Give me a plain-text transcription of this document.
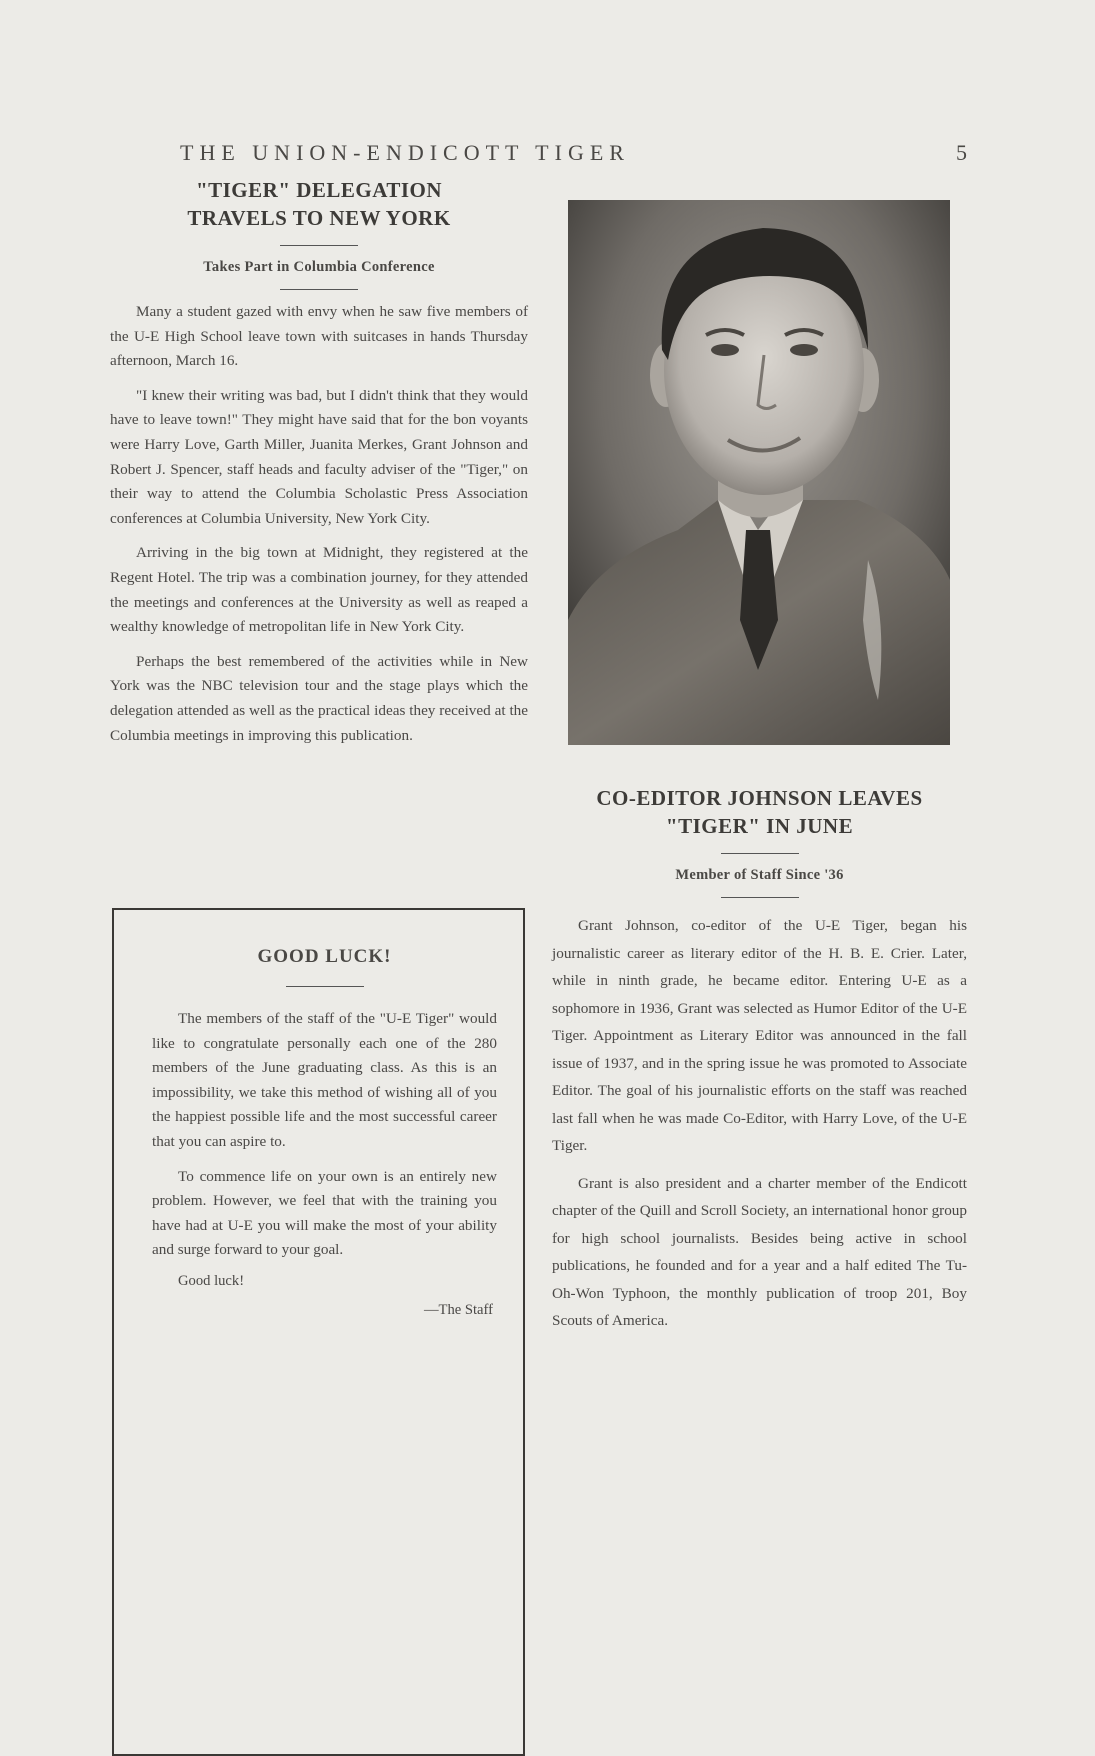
THE UNION-ENDICOTT TIGER	5
"TIGER" DELEGATION TRAVELS TO NEW YORK
Takes Part in Columbia Conference

Many a student gazed with envy when he saw five members of the U-E High School leave town with suitcases in hands Thursday afternoon, March 16.

"I knew their writing was bad, but I didn't think that they would have to leave town!" They might have said that for the bon voyants were Harry Love, Garth Miller, Juanita Merkes, Grant Johnson and Robert J. Spencer, staff heads and faculty adviser of the "Tiger," on their way to attend the Columbia Scholastic Press Association conferences at Columbia University, New York City.

Arriving in the big town at Midnight, they registered at the Regent Hotel. The trip was a combination journey, for they attended the meetings and conferences at the University as well as reaped a wealthy knowledge of metropolitan life in New York City.

Perhaps the best remembered of the activities while in New York was the NBC television tour and the stage plays which the delegation attended as well as the practical ideas they received at the Columbia meetings in improving this publication.

CO-EDITOR JOHNSON LEAVES "TIGER" IN JUNE
Member of Staff Since '36

Grant Johnson, co-editor of the U-E Tiger, began his journalistic career as literary editor of the H. B. E. Crier. Later, while in ninth grade, he became editor. Entering U-E as a sophomore in 1936, Grant was selected as Humor Editor of the U-E Tiger. Appointment as Literary Editor was announced in the fall issue of 1937, and in the spring issue he was promoted to Associate Editor. The goal of his journalistic efforts on the staff was reached last fall when he was made Co-Editor, with Harry Love, of the U-E Tiger.

Grant is also president and a charter member of the Endicott chapter of the Quill and Scroll Society, an international honor group for high school journalists. Besides being active in school publications, he founded and for a year and a half edited The Tu-Oh-Won Typhoon, the monthly publication of troop 201, Boy Scouts of America.

GOOD LUCK!

The members of the staff of the "U-E Tiger" would like to congratulate personally each one of the 280 members of the June graduating class. As this is an impossibility, we take this method of wishing all of you the happiest possible life and the most successful career that you can aspire to.

To commence life on your own is an entirely new problem. However, we feel that with the training you have had at U-E you will make the most of your ability and surge forward to your goal.

Good luck!
—The Staff
